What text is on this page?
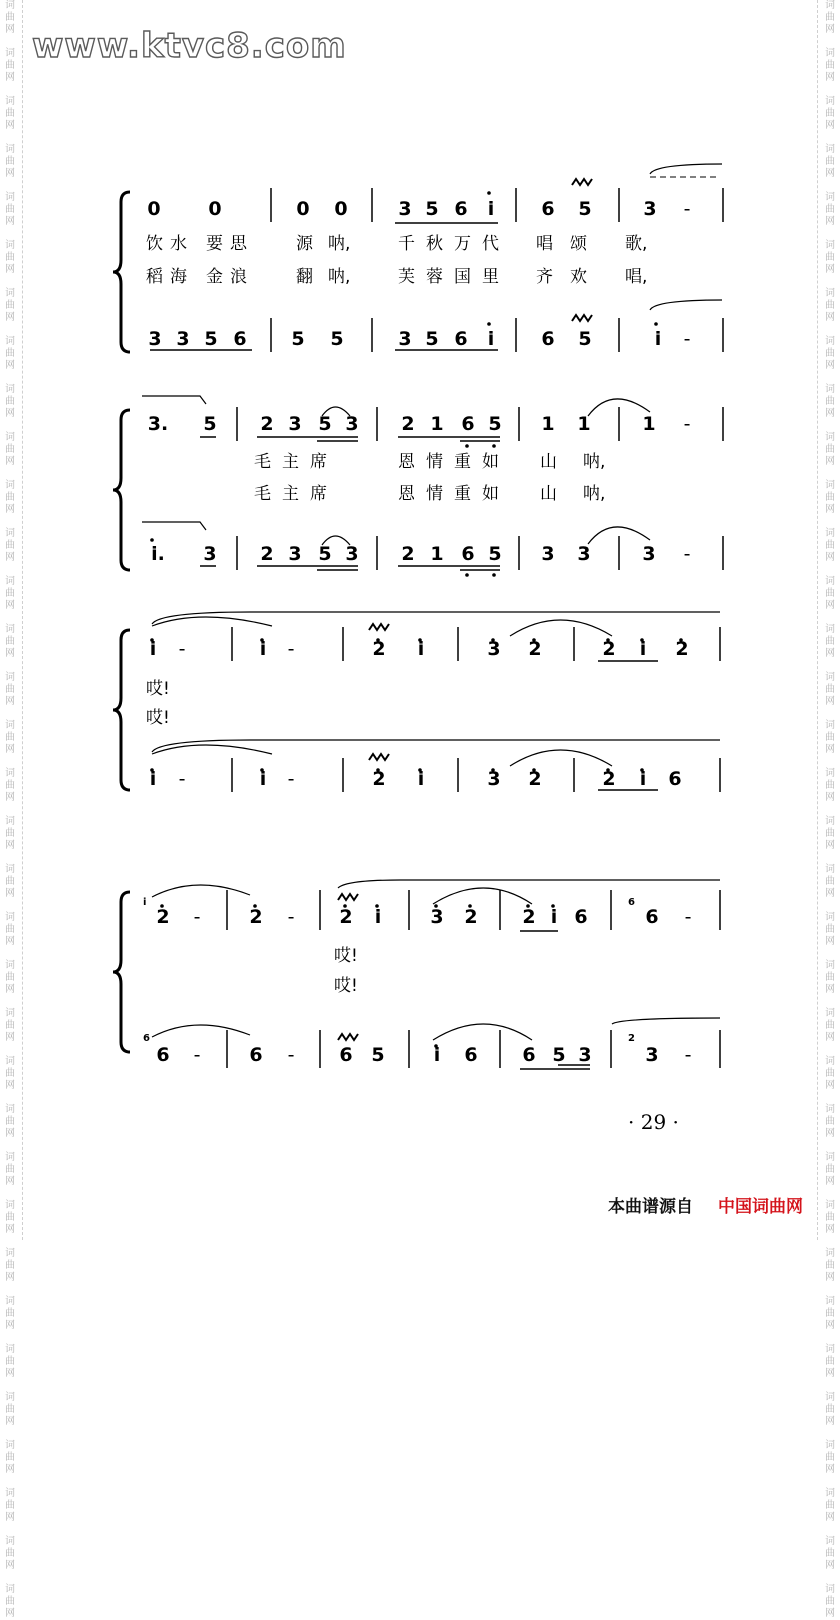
词
曲
网

词
曲
网

词
曲
网

词
曲
网

词
曲
网

词
曲
网

词
曲
网

词
曲
网

词
曲
网

词
曲
网

词
曲
网

词
曲
网

词
曲
网

词
曲
网

词
曲
网

词
曲
网

词
曲
网

词
曲
网

词
曲
网

词
曲
网

词
曲
网

词
曲
网

词
曲
网

词
曲
网

词
曲
网

词
曲
网

词
曲
网

词
曲
网

词
曲
网

词
曲
网

词
曲
网

词
曲
网

词
曲
网

词
曲
网

词
曲
网

词
曲
网

词
曲
网

词
曲
网

词
曲
网

词
曲
网

词
曲
网

词
曲
网

词
曲
网

词
曲
网

词
曲
网

词
曲
网

词
曲
网

词
曲
网

词
曲
网

词
曲
网

词
曲
网

词
曲
网

词
曲
网

词
曲
网

词
曲
网

词
曲
网

词
曲
网

词
曲
网

词
曲
网

词
曲
网

词
曲
网

词
曲
网

词
曲
网

词
曲
网

词
曲
网

词
曲
网

词
曲
网

词
曲
网

www.ktvc8.com
0	0	0 0	3 5 6 i 6 5	3 -
饮 水 要 思	源 呐,	千 秋 万 代 唱 颂 歌,
稻 海 金 浪	翻 呐,	芙 蓉 国 里 齐 欢 唱,
3 3 5 6 5 5	3 5 6 i 6 5	i -
3. 5 2 3 5 3 2 1 6 5 1 1	1 -
毛 主 席	恩 情 重 如 山 呐,
毛 主 席	恩 情 重 如 山 呐,
i. 3 2 3 5 3 2 1 6 5 3 3	3 -
i -	i -	2 i	3 2	2 i 2
哎!
哎!
i -	i -	2 i	3 2	2 i 6
i	6
6	2
2 -	2 - 2 i	3 2 2 i 6	6 -
哎!
哎!
6 -	6 - 6 5	i 6 6 5 3	3 -
· 29 ·
本曲谱源自 中国词曲网
